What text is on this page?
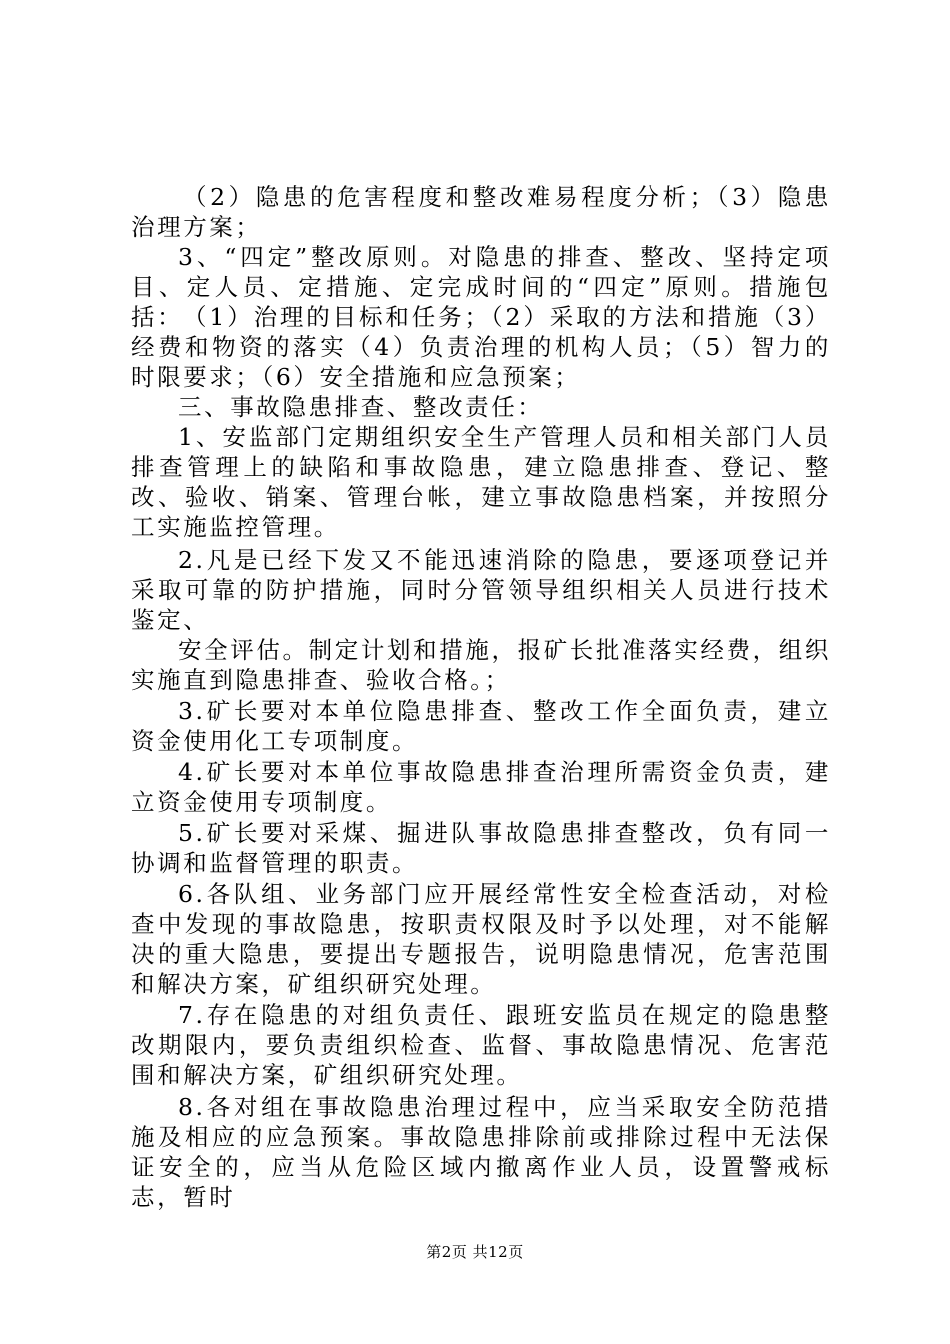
（2）隐患的危害程度和整改难易程度分析；（3）隐患治理方案；

3、“四定”整改原则。对隐患的排查、整改、坚持定项目、定人员、定措施、定完成时间的“四定”原则。措施包括： （1）治理的目标和任务；（2）采取的方法和措施（3）经费和物资的落实（4）负责治理的机构人员；（5）智力的时限要求；（6）安全措施和应急预案；

三、事故隐患排查、整改责任：

1、安监部门定期组织安全生产管理人员和相关部门人员排查管理上的缺陷和事故隐患，建立隐患排查、登记、整改、验收、销案、管理台帐，建立事故隐患档案，并按照分工实施监控管理。

2.凡是已经下发又不能迅速消除的隐患，要逐项登记并采取可靠的防护措施，同时分管领导组织相关人员进行技术鉴定、

安全评估。制定计划和措施，报矿长批准落实经费，组织实施直到隐患排查、验收合格。；

3.矿长要对本单位隐患排查、整改工作全面负责，建立资金使用化工专项制度。

4.矿长要对本单位事故隐患排查治理所需资金负责，建立资金使用专项制度。

5.矿长要对采煤、掘进队事故隐患排查整改，负有同一协调和监督管理的职责。

6.各队组、业务部门应开展经常性安全检查活动，对检查中发现的事故隐患，按职责权限及时予以处理，对不能解决的重大隐患，要提出专题报告，说明隐患情况，危害范围和解决方案，矿组织研究处理。

7.存在隐患的对组负责任、跟班安监员在规定的隐患整改期限内，要负责组织检查、监督、事故隐患情况、危害范围和解决方案，矿组织研究处理。

8.各对组在事故隐患治理过程中，应当采取安全防范措施及相应的应急预案。事故隐患排除前或排除过程中无法保证安全的，应当从危险区域内撤离作业人员，设置警戒标志，暂时

第2页 共12页
